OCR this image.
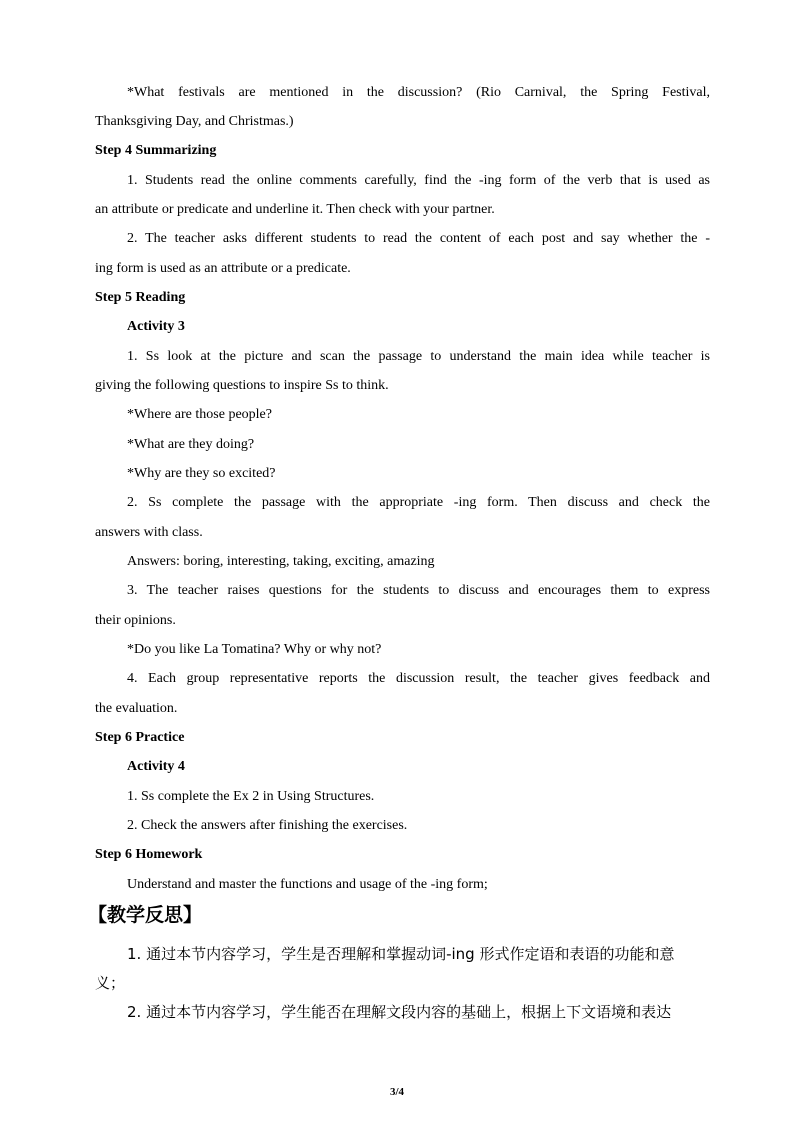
*What festivals are mentioned in the discussion? (Rio Carnival, the Spring Festival,
Thanksgiving Day, and Christmas.)
Step 4 Summarizing
1. Students read the online comments carefully, find the -ing form of the verb that is used as
an attribute or predicate and underline it. Then check with your partner.
2. The teacher asks different students to read the content of each post and say whether the -
ing form is used as an attribute or a predicate.
Step 5 Reading
Activity 3
1. Ss look at the picture and scan the passage to understand the main idea while teacher is
giving the following questions to inspire Ss to think.
*Where are those people?
*What are they doing?
*Why are they so excited?
2. Ss complete the passage with the appropriate -ing form. Then discuss and check the
answers with class.
Answers: boring, interesting, taking, exciting, amazing
3. The teacher raises questions for the students to discuss and encourages them to express
their opinions.
*Do you like La Tomatina? Why or why not?
4. Each group representative reports the discussion result, the teacher gives feedback and
the evaluation.
Step 6 Practice
Activity 4
1. Ss complete the Ex 2 in Using Structures.
2. Check the answers after finishing the exercises.
Step 6 Homework
Understand and master the functions and usage of the -ing form;
【教学反思】
1. 通过本节内容学习，学生是否理解和掌握动词-ing 形式作定语和表语的功能和意
义；
2. 通过本节内容学习，学生能否在理解文段内容的基础上，根据上下文语境和表达
3/4
